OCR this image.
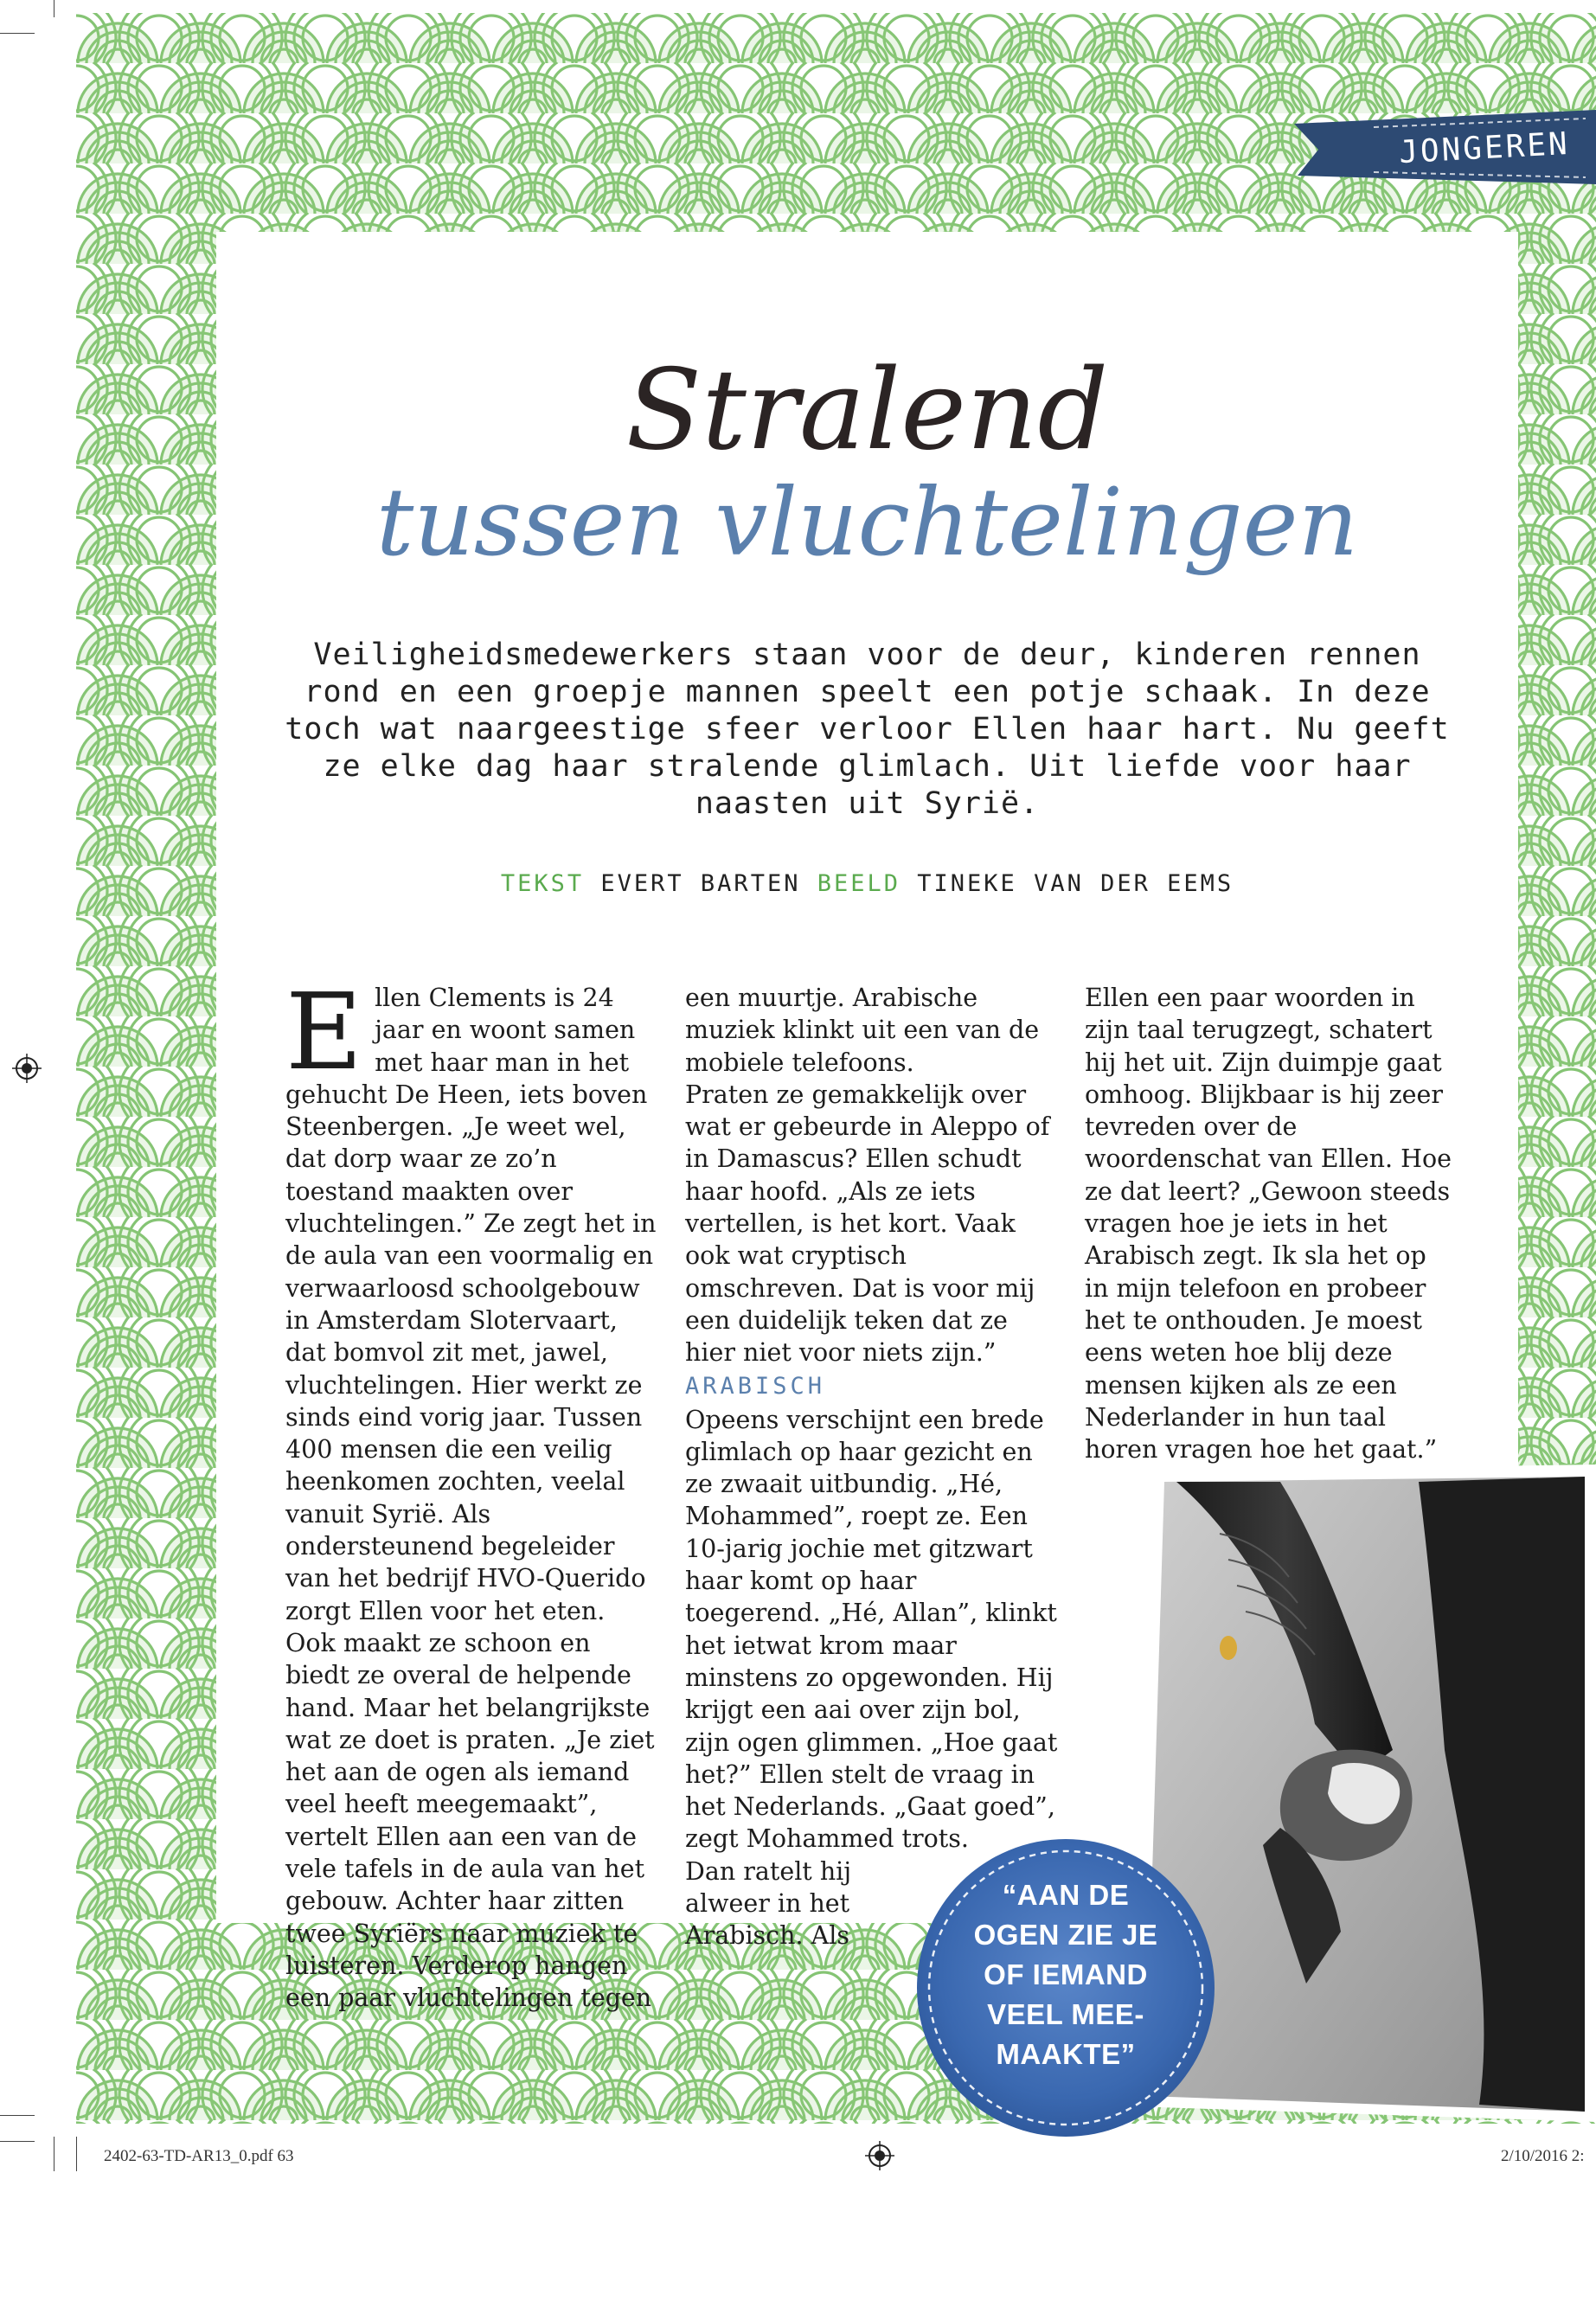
JONGEREN
Stralend
tussen vluchtelingen
Veiligheidsmedewerkers staan voor de deur, kinderen rennen rond en een groepje mannen speelt een potje schaak. In deze toch wat naargeestige sfeer verloor Ellen haar hart. Nu geeft ze elke dag haar stralende glimlach. Uit liefde voor haar naasten uit Syrië.
TEKST EVERT BARTEN BEELD TINEKE VAN DER EEMS

Ellen Clements is 24 jaar en woont samen met haar man in het gehucht De Heen, iets boven Steenbergen. „Je weet wel, dat dorp waar ze zo’n toestand maakten over vluchtelingen.” Ze zegt het in de aula van een voormalig en verwaarloosd schoolgebouw in Amsterdam Slotervaart, dat bomvol zit met, jawel, vluchtelingen. Hier werkt ze sinds eind vorig jaar. Tussen 400 mensen die een veilig heenkomen zochten, veelal vanuit Syrië. Als ondersteunend begeleider van het bedrijf HVO-Querido zorgt Ellen voor het eten. Ook maakt ze schoon en biedt ze overal de helpende hand. Maar het belangrijkste wat ze doet is praten. „Je ziet het aan de ogen als iemand veel heeft meegemaakt”, vertelt Ellen aan een van de vele tafels in de aula van het gebouw. Achter haar zitten twee Syriërs naar muziek te luisteren. Verderop hangen een paar vluchtelingen tegen

een muurtje. Arabische muziek klinkt uit een van de mobiele telefoons.

Praten ze gemakkelijk over wat er gebeurde in Aleppo of in Damascus? Ellen schudt haar hoofd. „Als ze iets vertellen, is het kort. Vaak ook wat cryptisch omschreven. Dat is voor mij een duidelijk teken dat ze hier niet voor niets zijn.”

ARABISCH

Opeens verschijnt een brede glimlach op haar gezicht en ze zwaait uitbundig. „Hé, Mohammed”, roept ze. Een 10-jarig jochie met gitzwart haar komt op haar toegerend. „Hé, Allan”, klinkt het ietwat krom maar minstens zo opgewonden. Hij krijgt een aai over zijn bol, zijn ogen glimmen. „Hoe gaat het?” Ellen stelt de vraag in het Nederlands. „Gaat goed”, zegt Mohammed trots.

Dan ratelt hij alweer in het Arabisch. Als

Ellen een paar woorden in zijn taal terugzegt, schatert hij het uit. Zijn duimpje gaat omhoog. Blijkbaar is hij zeer tevreden over de woordenschat van Ellen. Hoe ze dat leert? „Gewoon steeds vragen hoe je iets in het Arabisch zegt. Ik sla het op in mijn telefoon en probeer het te onthouden. Je moest eens weten hoe blij deze mensen kijken als ze een Nederlander in hun taal horen vragen hoe het gaat.”

“AAN DE
OGEN ZIE JE
OF IEMAND
VEEL MEE-
MAAKTE”
2402-63-TD-AR13_0.pdf 63	2/10/2016 2:
